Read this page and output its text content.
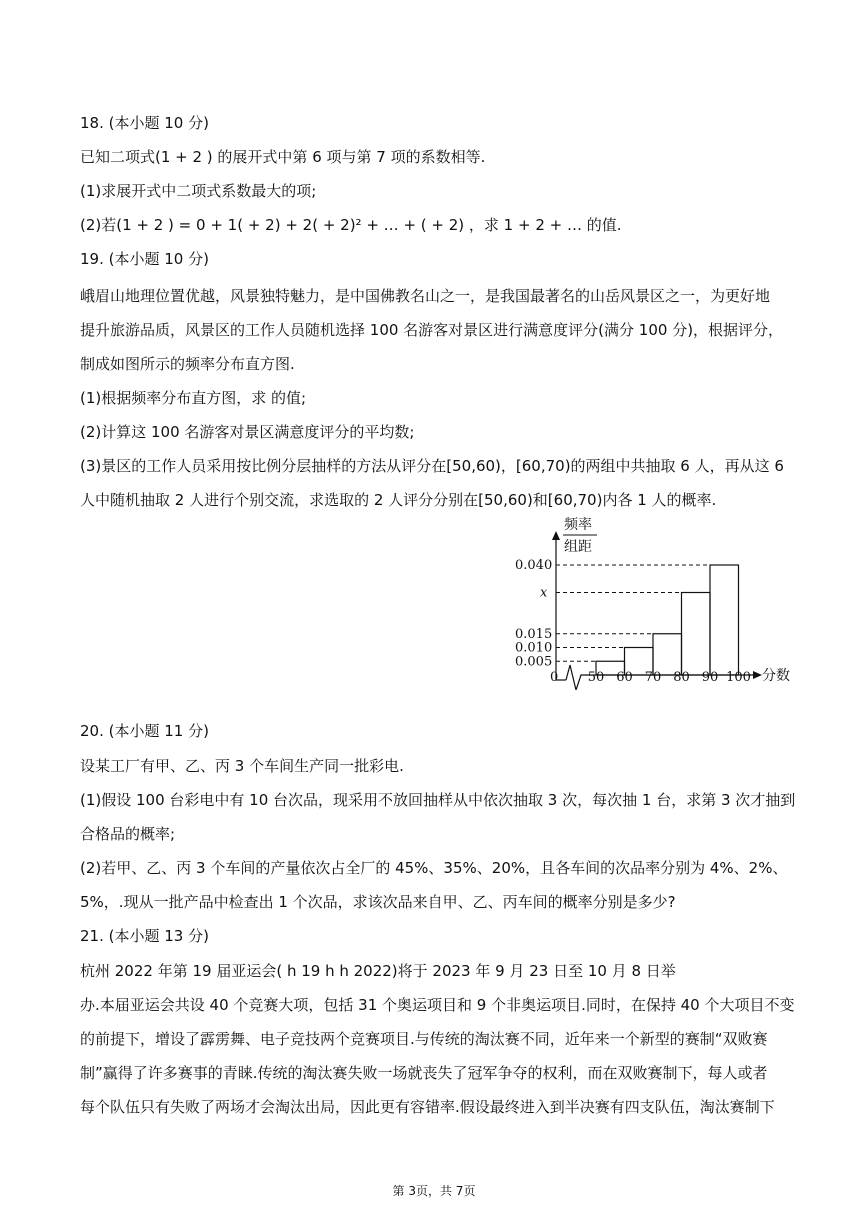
18. (本小题 10 分)
已知二项式(1 + 2 ) 的展开式中第 6 项与第 7 项的系数相等.
(1)求展开式中二项式系数最大的项;
(2)若(1 + 2 ) = 0 + 1( + 2) + 2( + 2)² + … + ( + 2) ，求 1 + 2 + … 的值.
19. (本小题 10 分)
峨眉山地理位置优越，风景独特魅力，是中国佛教名山之一，是我国最著名的山岳风景区之一，为更好地
提升旅游品质，风景区的工作人员随机选择 100 名游客对景区进行满意度评分(满分 100 分)，根据评分，
制成如图所示的频率分布直方图.
(1)根据频率分布直方图，求 的值;
(2)计算这 100 名游客对景区满意度评分的平均数;
(3)景区的工作人员采用按比例分层抽样的方法从评分在[50,60)，[60,70)的两组中共抽取 6 人，再从这 6
人中随机抽取 2 人进行个别交流，求选取的 2 人评分分别在[50,60)和[60,70)内各 1 人的概率.
频率
组距
分数
0
0.005
0.010
0.015
x
0.040
50 60 70 80 90 100
20. (本小题 11 分)
设某工厂有甲、乙、丙 3 个车间生产同一批彩电.
(1)假设 100 台彩电中有 10 台次品，现采用不放回抽样从中依次抽取 3 次，每次抽 1 台，求第 3 次才抽到
合格品的概率;
(2)若甲、乙、丙 3 个车间的产量依次占全厂的 45%、35%、20%，且各车间的次品率分别为 4%、2%、
5%，.现从一批产品中检查出 1 个次品，求该次品来自甲、乙、丙车间的概率分别是多少?
21. (本小题 13 分)
杭州 2022 年第 19 届亚运会( h 19 h h 2022)将于 2023 年 9 月 23 日至 10 月 8 日举
办.本届亚运会共设 40 个竞赛大项，包括 31 个奥运项目和 9 个非奥运项目.同时，在保持 40 个大项目不变
的前提下，增设了霹雳舞、电子竞技两个竞赛项目.与传统的淘汰赛不同，近年来一个新型的赛制“双败赛
制”赢得了许多赛事的青睐.传统的淘汰赛失败一场就丧失了冠军争夺的权利，而在双败赛制下，每人或者
每个队伍只有失败了两场才会淘汰出局，因此更有容错率.假设最终进入到半决赛有四支队伍，淘汰赛制下
第 3页，共 7页
